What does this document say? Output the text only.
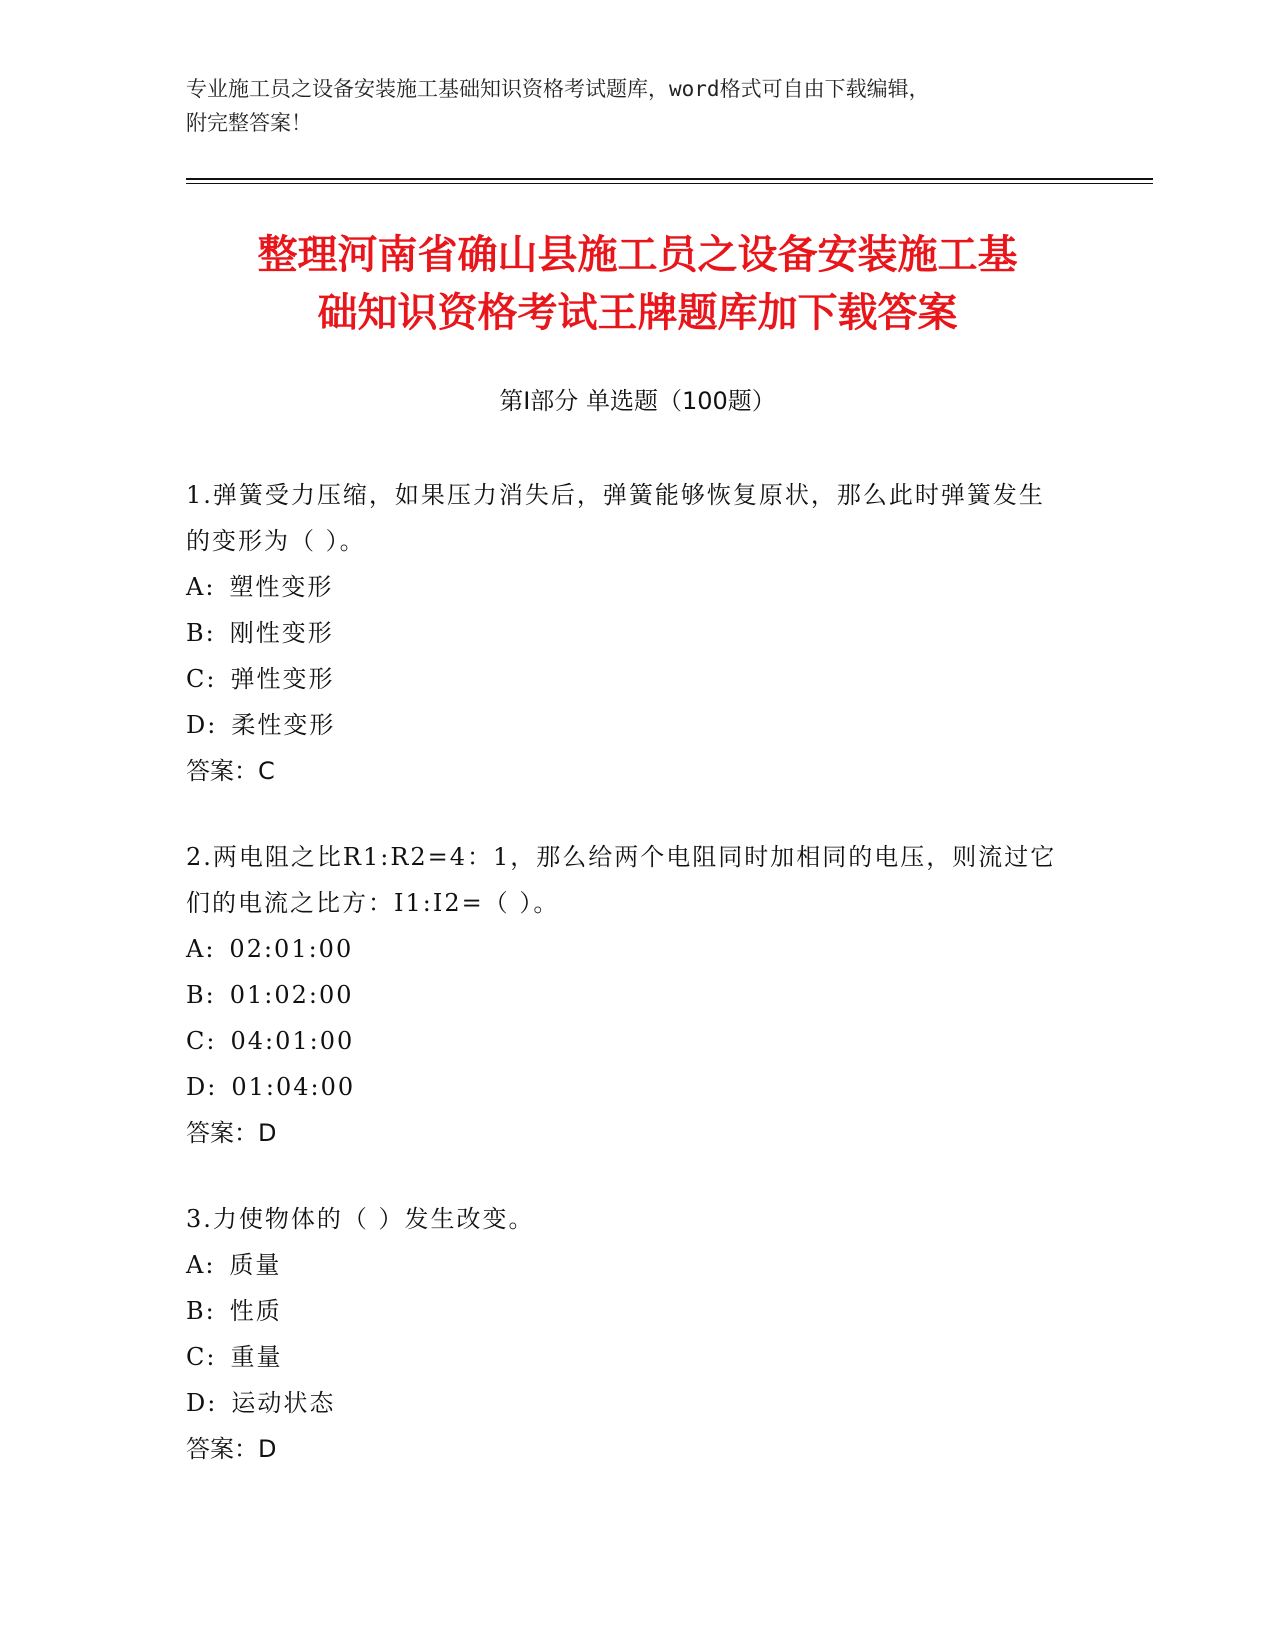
专业施工员之设备安装施工基础知识资格考试题库，word格式可自由下载编辑，
附完整答案！
整理河南省确山县施工员之设备安装施工基
础知识资格考试王牌题库加下载答案
第Ⅰ部分 单选题（100题）

1.弹簧受力压缩，如果压力消失后，弹簧能够恢复原状，那么此时弹簧发生的变形为（ ）。

A: 塑性变形
B: 刚性变形
C: 弹性变形
D: 柔性变形
答案：C

2.两电阻之比R1:R2=4：1，那么给两个电阻同时加相同的电压，则流过它们的电流之比方：I1:I2=（ ）。

A: 02:01:00
B: 01:02:00
C: 04:01:00
D: 01:04:00
答案：D

3.力使物体的（ ）发生改变。

A: 质量
B: 性质
C: 重量
D: 运动状态
答案：D
